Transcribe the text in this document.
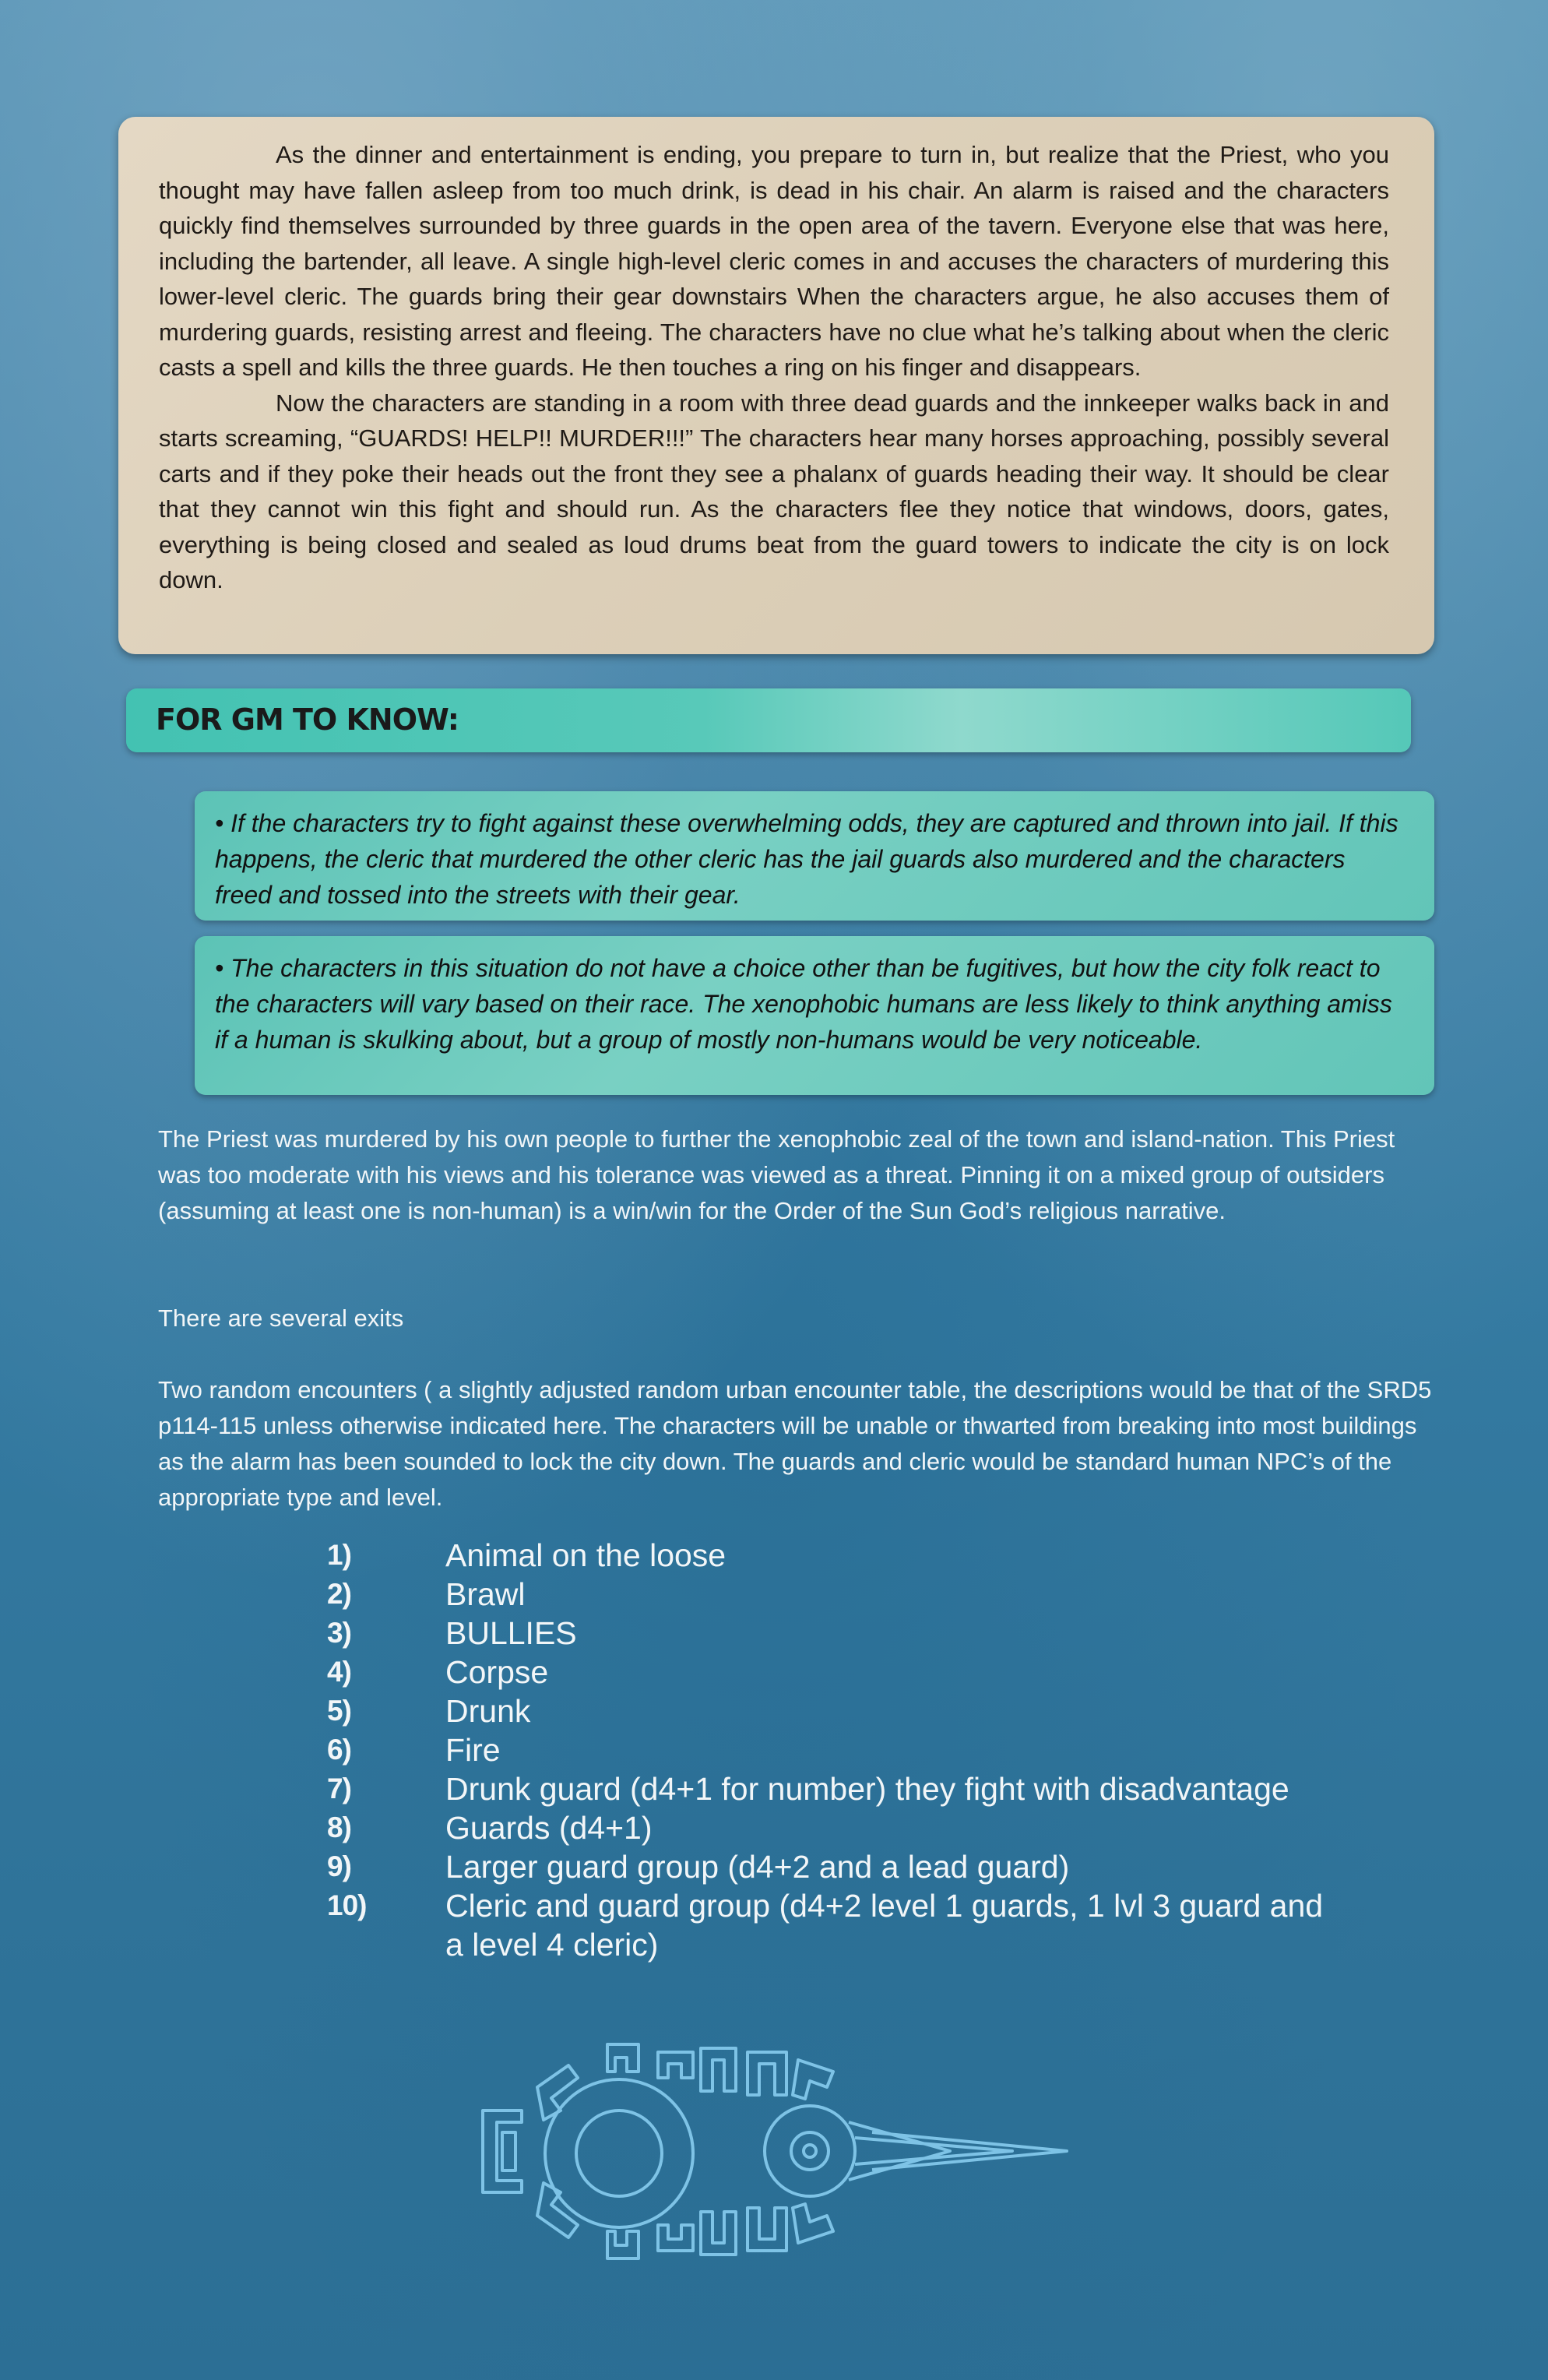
As the dinner and entertainment is ending, you prepare to turn in, but realize that the Priest, who you thought may have fallen asleep from too much drink, is dead in his chair. An alarm is raised and the characters quickly find themselves surrounded by three guards in the open area of the tavern. Everyone else that was here, including the bartender, all leave. A single high-level cleric comes in and accuses the characters of murdering this lower-level cleric. The guards bring their gear downstairs When the characters argue, he also accuses them of murdering guards, resisting arrest and fleeing. The characters have no clue what he’s talking about when the cleric casts a spell and kills the three guards. He then touches a ring on his finger and disappears.

Now the characters are standing in a room with three dead guards and the innkeeper walks back in and starts screaming, “GUARDS! HELP!! MURDER!!!” The characters hear many horses approaching, possibly several carts and if they poke their heads out the front they see a phalanx of guards heading their way. It should be clear that they cannot win this fight and should run. As the characters flee they notice that windows, doors, gates, everything is being closed and sealed as loud drums beat from the guard towers to indicate the city is on lock down.

FOR GM TO KNOW:

• If the characters try to fight against these overwhelming odds, they are captured and thrown into jail. If this happens, the cleric that murdered the other cleric has the jail guards also murdered and the characters freed and tossed into the streets with their gear.

• The characters in this situation do not have a choice other than be fugitives, but how the city folk react to the characters will vary based on their race. The xenophobic humans are less likely to think anything amiss if a human is skulking about, but a group of mostly non-humans would be very noticeable.

The Priest was murdered by his own people to further the xenophobic zeal of the town and island-nation. This Priest was too moderate with his views and his tolerance was viewed as a threat. Pinning it on a mixed group of outsiders (assuming at least one is non-human) is a win/win for the Order of the Sun God’s religious narrative.

There are several exits

Two random encounters ( a slightly adjusted random urban encounter table, the descriptions would be that of the SRD5 p114-115 unless otherwise indicated here. The characters will be unable or thwarted from breaking into most buildings as the alarm has been sounded to lock the city down. The guards and cleric would be standard human NPC’s of the appropriate type and level.

1)	Animal on the loose
2)	Brawl
3)	BULLIES
4)	Corpse
5)	Drunk
6)	Fire
7)	Drunk guard (d4+1 for number) they fight with disadvantage
8)	Guards (d4+1)
9)	Larger guard group (d4+2 and a lead guard)
10) Cleric and guard group (d4+2 level 1 guards, 1 lvl 3 guard and
a level 4 cleric)
